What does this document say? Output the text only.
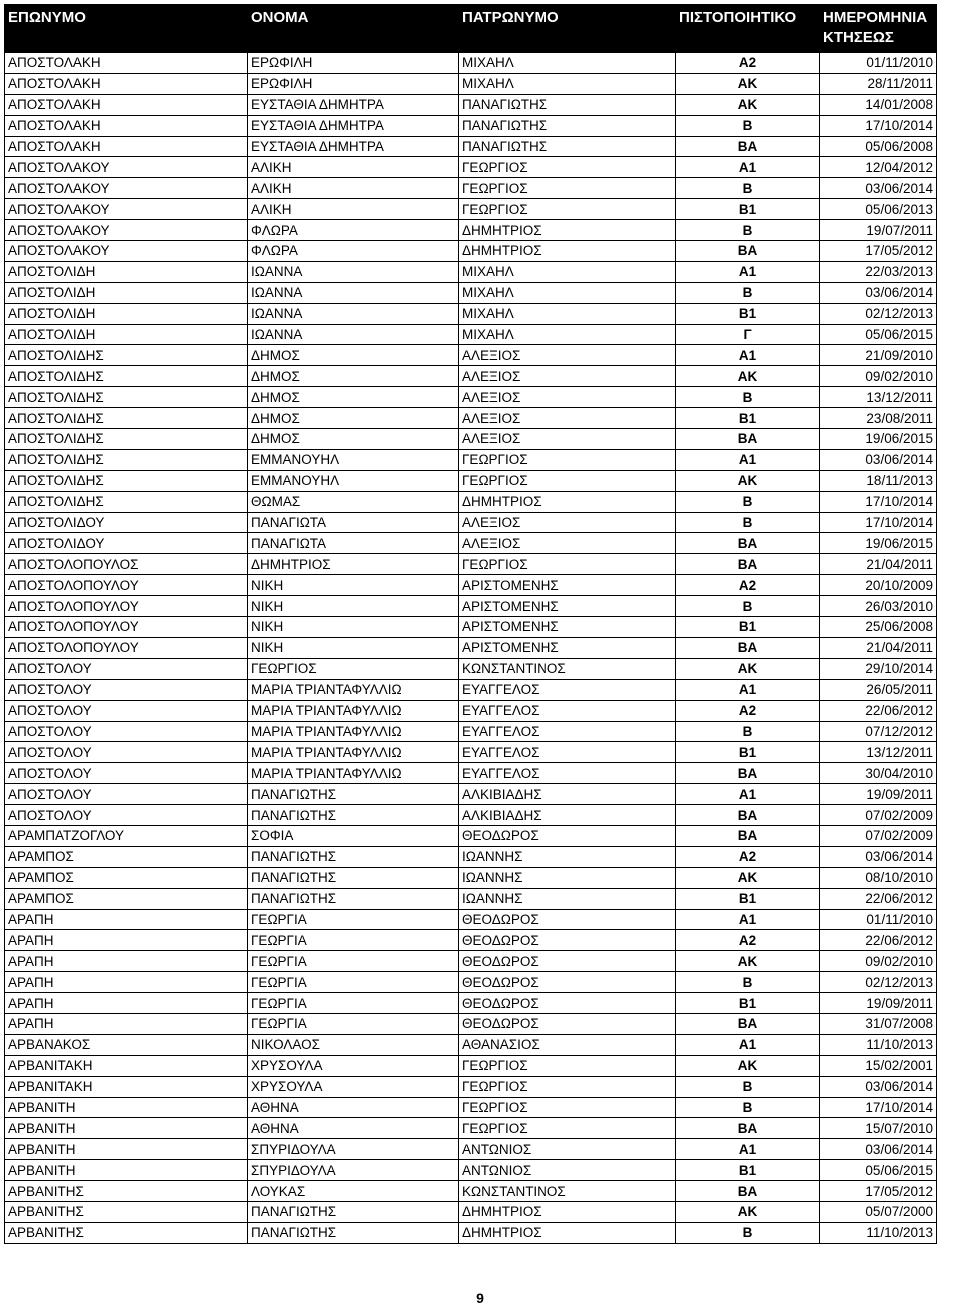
ΕΠΩΝΥΜΟ	ΟΝΟΜΑ	ΠΑΤΡΩΝΥΜΟ	ΠΙΣΤΟΠΟΙΗΤΙΚΟ	ΗΜΕΡΟΜΗΝΙΑ
ΚΤΗΣΕΩΣ

ΑΠΟΣΤΟΛΑΚΗ	ΕΡΩΦΙΛΗ	ΜΙΧΑΗΛ	Α2	01/11/2010
ΑΠΟΣΤΟΛΑΚΗ	ΕΡΩΦΙΛΗ	ΜΙΧΑΗΛ	ΑΚ	28/11/2011
ΑΠΟΣΤΟΛΑΚΗ	ΕΥΣΤΑΘΙΑ ΔΗΜΗΤΡΑ	ΠΑΝΑΓΙΩΤΗΣ	ΑΚ	14/01/2008
ΑΠΟΣΤΟΛΑΚΗ	ΕΥΣΤΑΘΙΑ ΔΗΜΗΤΡΑ	ΠΑΝΑΓΙΩΤΗΣ	Β	17/10/2014
ΑΠΟΣΤΟΛΑΚΗ	ΕΥΣΤΑΘΙΑ ΔΗΜΗΤΡΑ	ΠΑΝΑΓΙΩΤΗΣ	ΒΑ	05/06/2008
ΑΠΟΣΤΟΛΑΚΟΥ	ΑΛΙΚΗ	ΓΕΩΡΓΙΟΣ	Α1	12/04/2012
ΑΠΟΣΤΟΛΑΚΟΥ	ΑΛΙΚΗ	ΓΕΩΡΓΙΟΣ	Β	03/06/2014
ΑΠΟΣΤΟΛΑΚΟΥ	ΑΛΙΚΗ	ΓΕΩΡΓΙΟΣ	Β1	05/06/2013
ΑΠΟΣΤΟΛΑΚΟΥ	ΦΛΩΡΑ	ΔΗΜΗΤΡΙΟΣ	Β	19/07/2011
ΑΠΟΣΤΟΛΑΚΟΥ	ΦΛΩΡΑ	ΔΗΜΗΤΡΙΟΣ	ΒΑ	17/05/2012
ΑΠΟΣΤΟΛΙΔΗ	ΙΩΑΝΝΑ	ΜΙΧΑΗΛ	Α1	22/03/2013
ΑΠΟΣΤΟΛΙΔΗ	ΙΩΑΝΝΑ	ΜΙΧΑΗΛ	Β	03/06/2014
ΑΠΟΣΤΟΛΙΔΗ	ΙΩΑΝΝΑ	ΜΙΧΑΗΛ	Β1	02/12/2013
ΑΠΟΣΤΟΛΙΔΗ	ΙΩΑΝΝΑ	ΜΙΧΑΗΛ	Γ	05/06/2015
ΑΠΟΣΤΟΛΙΔΗΣ	ΔΗΜΟΣ	ΑΛΕΞΙΟΣ	Α1	21/09/2010
ΑΠΟΣΤΟΛΙΔΗΣ	ΔΗΜΟΣ	ΑΛΕΞΙΟΣ	ΑΚ	09/02/2010
ΑΠΟΣΤΟΛΙΔΗΣ	ΔΗΜΟΣ	ΑΛΕΞΙΟΣ	Β	13/12/2011
ΑΠΟΣΤΟΛΙΔΗΣ	ΔΗΜΟΣ	ΑΛΕΞΙΟΣ	Β1	23/08/2011
ΑΠΟΣΤΟΛΙΔΗΣ	ΔΗΜΟΣ	ΑΛΕΞΙΟΣ	ΒΑ	19/06/2015
ΑΠΟΣΤΟΛΙΔΗΣ	ΕΜΜΑΝΟΥΗΛ	ΓΕΩΡΓΙΟΣ	Α1	03/06/2014
ΑΠΟΣΤΟΛΙΔΗΣ	ΕΜΜΑΝΟΥΗΛ	ΓΕΩΡΓΙΟΣ	ΑΚ	18/11/2013
ΑΠΟΣΤΟΛΙΔΗΣ	ΘΩΜΑΣ	ΔΗΜΗΤΡΙΟΣ	Β	17/10/2014
ΑΠΟΣΤΟΛΙΔΟΥ	ΠΑΝΑΓΙΩΤΑ	ΑΛΕΞΙΟΣ	Β	17/10/2014
ΑΠΟΣΤΟΛΙΔΟΥ	ΠΑΝΑΓΙΩΤΑ	ΑΛΕΞΙΟΣ	ΒΑ	19/06/2015
ΑΠΟΣΤΟΛΟΠΟΥΛΟΣ	ΔΗΜΗΤΡΙΟΣ	ΓΕΩΡΓΙΟΣ	ΒΑ	21/04/2011
ΑΠΟΣΤΟΛΟΠΟΥΛΟΥ	ΝΙΚΗ	ΑΡΙΣΤΟΜΕΝΗΣ	Α2	20/10/2009
ΑΠΟΣΤΟΛΟΠΟΥΛΟΥ	ΝΙΚΗ	ΑΡΙΣΤΟΜΕΝΗΣ	Β	26/03/2010
ΑΠΟΣΤΟΛΟΠΟΥΛΟΥ	ΝΙΚΗ	ΑΡΙΣΤΟΜΕΝΗΣ	Β1	25/06/2008
ΑΠΟΣΤΟΛΟΠΟΥΛΟΥ	ΝΙΚΗ	ΑΡΙΣΤΟΜΕΝΗΣ	ΒΑ	21/04/2011
ΑΠΟΣΤΟΛΟΥ	ΓΕΩΡΓΙΟΣ	ΚΩΝΣΤΑΝΤΙΝΟΣ	ΑΚ	29/10/2014
ΑΠΟΣΤΟΛΟΥ	ΜΑΡΙΑ ΤΡΙΑΝΤΑΦΥΛΛΙΩ	ΕΥΑΓΓΕΛΟΣ	Α1	26/05/2011
ΑΠΟΣΤΟΛΟΥ	ΜΑΡΙΑ ΤΡΙΑΝΤΑΦΥΛΛΙΩ	ΕΥΑΓΓΕΛΟΣ	Α2	22/06/2012
ΑΠΟΣΤΟΛΟΥ	ΜΑΡΙΑ ΤΡΙΑΝΤΑΦΥΛΛΙΩ	ΕΥΑΓΓΕΛΟΣ	Β	07/12/2012
ΑΠΟΣΤΟΛΟΥ	ΜΑΡΙΑ ΤΡΙΑΝΤΑΦΥΛΛΙΩ	ΕΥΑΓΓΕΛΟΣ	Β1	13/12/2011
ΑΠΟΣΤΟΛΟΥ	ΜΑΡΙΑ ΤΡΙΑΝΤΑΦΥΛΛΙΩ	ΕΥΑΓΓΕΛΟΣ	ΒΑ	30/04/2010
ΑΠΟΣΤΟΛΟΥ	ΠΑΝΑΓΙΩΤΗΣ	ΑΛΚΙΒΙΑΔΗΣ	Α1	19/09/2011
ΑΠΟΣΤΟΛΟΥ	ΠΑΝΑΓΙΩΤΗΣ	ΑΛΚΙΒΙΑΔΗΣ	ΒΑ	07/02/2009
ΑΡΑΜΠΑΤΖΟΓΛΟΥ	ΣΟΦΙΑ	ΘΕΟΔΩΡΟΣ	ΒΑ	07/02/2009
ΑΡΑΜΠΟΣ	ΠΑΝΑΓΙΩΤΗΣ	ΙΩΑΝΝΗΣ	Α2	03/06/2014
ΑΡΑΜΠΟΣ	ΠΑΝΑΓΙΩΤΗΣ	ΙΩΑΝΝΗΣ	ΑΚ	08/10/2010
ΑΡΑΜΠΟΣ	ΠΑΝΑΓΙΩΤΗΣ	ΙΩΑΝΝΗΣ	Β1	22/06/2012
ΑΡΑΠΗ	ΓΕΩΡΓΙΑ	ΘΕΟΔΩΡΟΣ	Α1	01/11/2010
ΑΡΑΠΗ	ΓΕΩΡΓΙΑ	ΘΕΟΔΩΡΟΣ	Α2	22/06/2012
ΑΡΑΠΗ	ΓΕΩΡΓΙΑ	ΘΕΟΔΩΡΟΣ	ΑΚ	09/02/2010
ΑΡΑΠΗ	ΓΕΩΡΓΙΑ	ΘΕΟΔΩΡΟΣ	Β	02/12/2013
ΑΡΑΠΗ	ΓΕΩΡΓΙΑ	ΘΕΟΔΩΡΟΣ	Β1	19/09/2011
ΑΡΑΠΗ	ΓΕΩΡΓΙΑ	ΘΕΟΔΩΡΟΣ	ΒΑ	31/07/2008
ΑΡΒΑΝΑΚΟΣ	ΝΙΚΟΛΑΟΣ	ΑΘΑΝΑΣΙΟΣ	Α1	11/10/2013
ΑΡΒΑΝΙΤΑΚΗ	ΧΡΥΣΟΥΛΑ	ΓΕΩΡΓΙΟΣ	ΑΚ	15/02/2001
ΑΡΒΑΝΙΤΑΚΗ	ΧΡΥΣΟΥΛΑ	ΓΕΩΡΓΙΟΣ	Β	03/06/2014
ΑΡΒΑΝΙΤΗ	ΑΘΗΝΑ	ΓΕΩΡΓΙΟΣ	Β	17/10/2014
ΑΡΒΑΝΙΤΗ	ΑΘΗΝΑ	ΓΕΩΡΓΙΟΣ	ΒΑ	15/07/2010
ΑΡΒΑΝΙΤΗ	ΣΠΥΡΙΔΟΥΛΑ	ΑΝΤΩΝΙΟΣ	Α1	03/06/2014
ΑΡΒΑΝΙΤΗ	ΣΠΥΡΙΔΟΥΛΑ	ΑΝΤΩΝΙΟΣ	Β1	05/06/2015
ΑΡΒΑΝΙΤΗΣ	ΛΟΥΚΑΣ	ΚΩΝΣΤΑΝΤΙΝΟΣ	ΒΑ	17/05/2012
ΑΡΒΑΝΙΤΗΣ	ΠΑΝΑΓΙΩΤΗΣ	ΔΗΜΗΤΡΙΟΣ	ΑΚ	05/07/2000
ΑΡΒΑΝΙΤΗΣ	ΠΑΝΑΓΙΩΤΗΣ	ΔΗΜΗΤΡΙΟΣ	Β	11/10/2013
9
